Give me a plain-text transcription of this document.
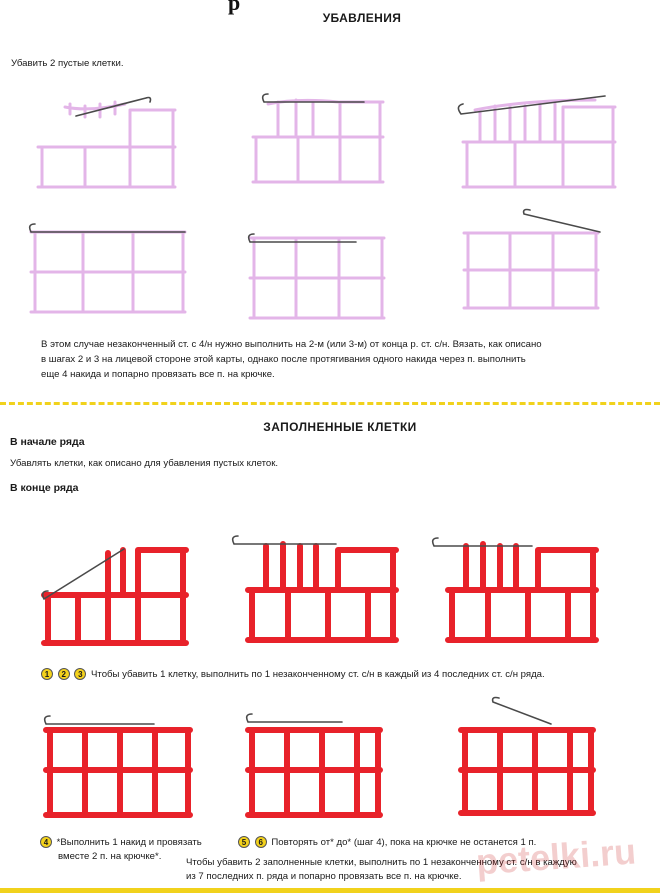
р
УБАВЛЕНИЯ
Убавить 2 пустые клетки.
В этом случае незаконченный ст. с 4/н нужно выполнить на 2-м (или 3-м) от конца р. ст. с/н. Вязать, как описано
в шагах 2 и 3 на лицевой стороне этой карты, однако после протягивания одного накида через п. выполнить
еще 4 накида и попарно провязать все п. на крючке.
ЗАПОЛНЕННЫЕ КЛЕТКИ
В начале ряда
Убавлять клетки, как описано для убавления пустых клеток.
В конце ряда
1 2 3 Чтобы убавить 1 клетку, выполнить по 1 незаконченному ст. с/н в каждый из 4 последних ст. с/н ряда.
4 *Выполнить 1 накид и провязать
вместе 2 п. на крючке*.
5 6 Повторять от* до* (шаг 4), пока на крючке не останется 1 п.
Чтобы убавить 2 заполненные клетки, выполнить по 1 незаконченному ст. с/н в каждую
из 7 последних п. ряда и попарно провязать все п. на крючке. petelki.ru
